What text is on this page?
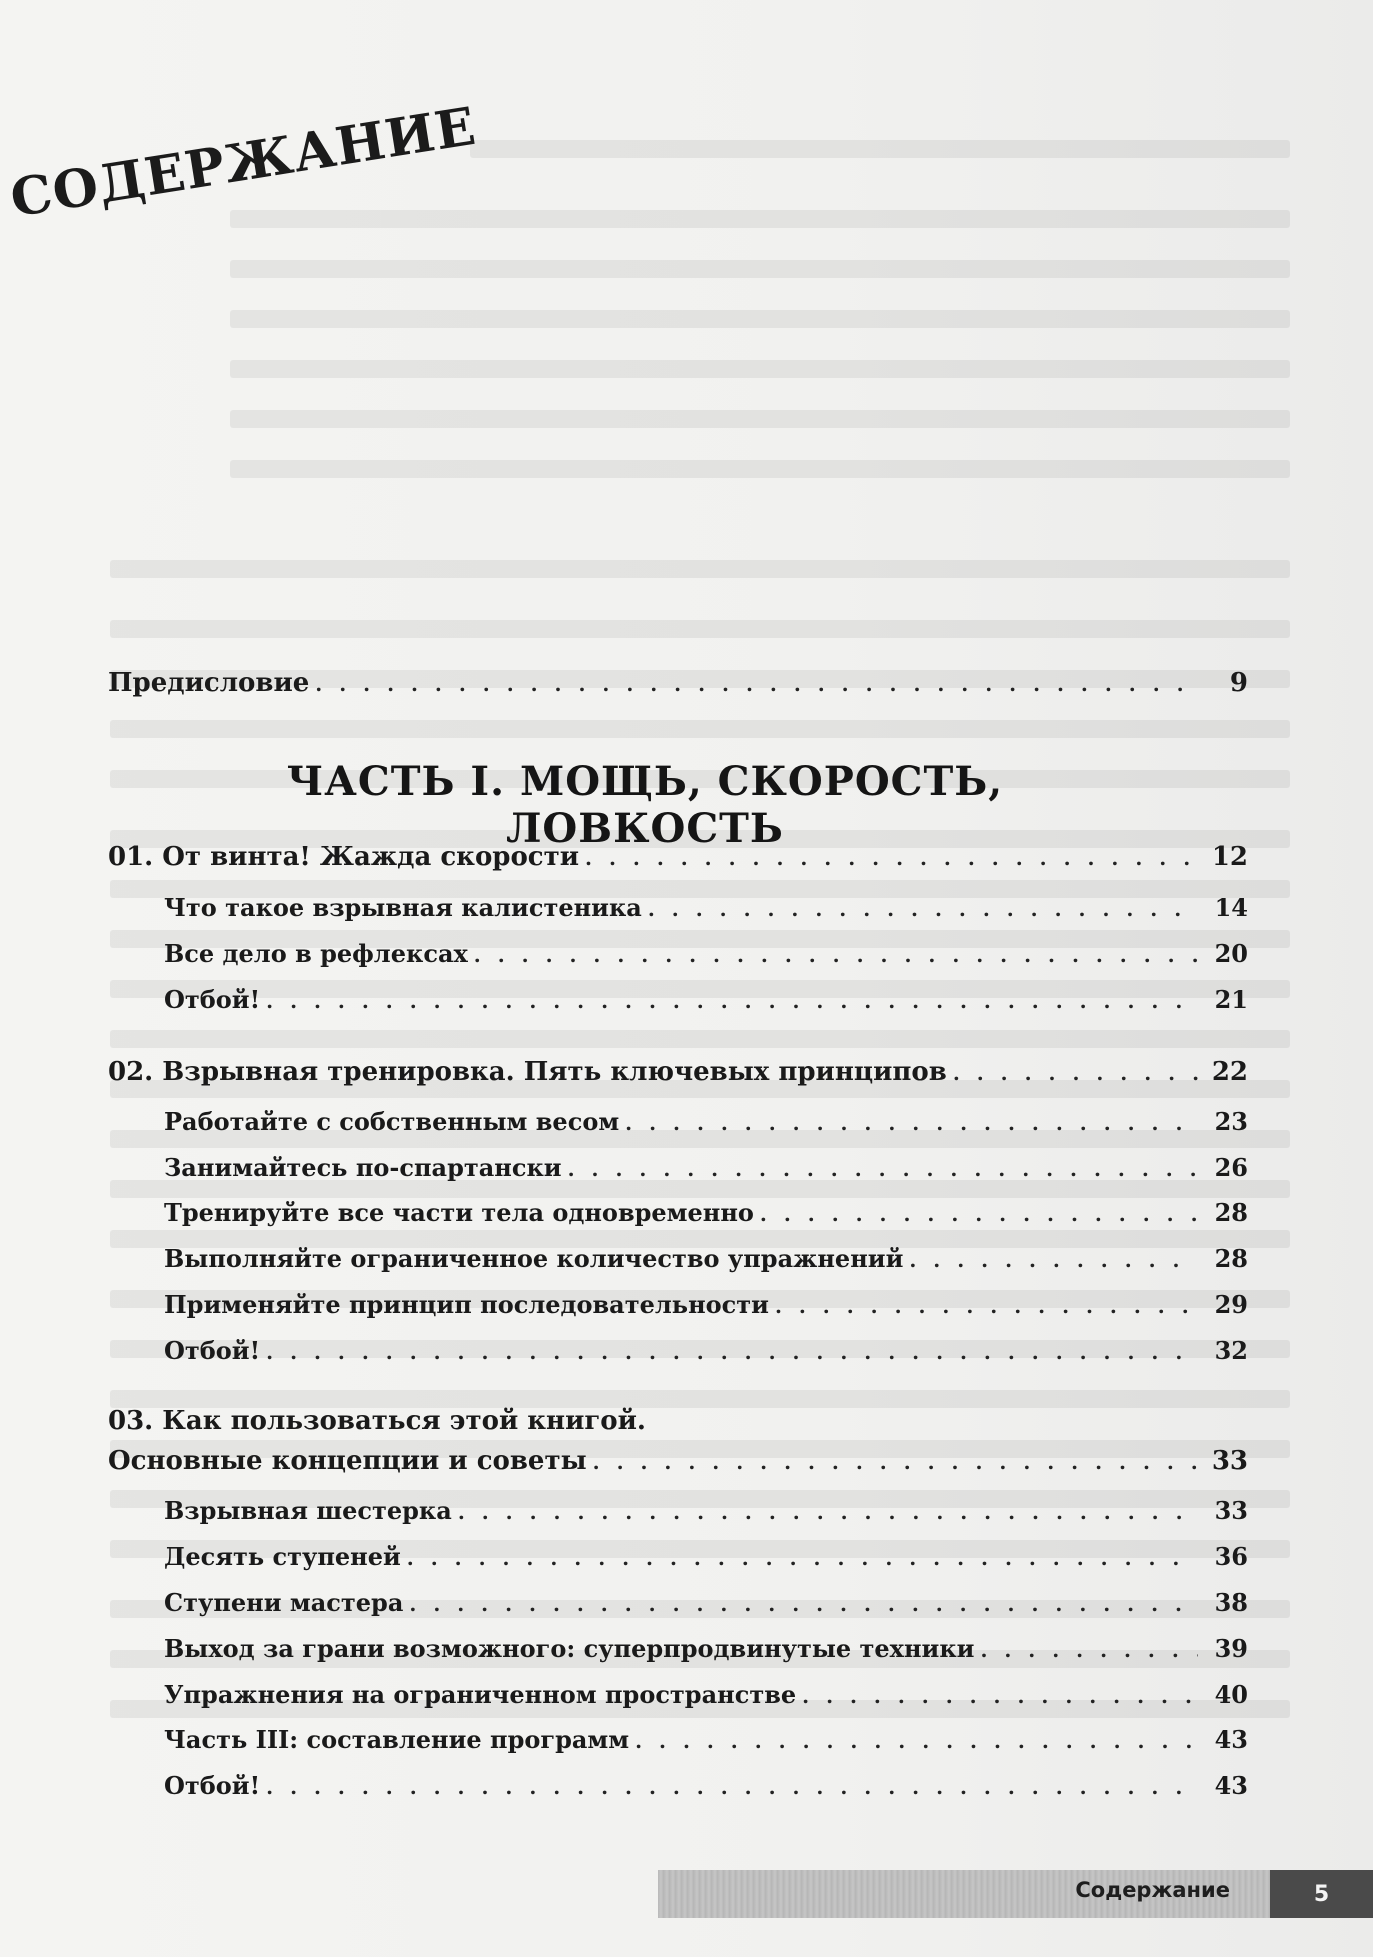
СОДЕРЖАНИЕ
Предисловие . . .	9
ЧАСТЬ I. МОЩЬ, СКОРОСТЬ, ЛОВКОСТЬ
01. От винта! Жажда скорости . . .	12
Что такое взрывная калистеника . . .	14
Все дело в рефлексах . . .	20
Отбой! . . .	21
02. Взрывная тренировка. Пять ключевых принципов . . .	22
Работайте с собственным весом . . .	23
Занимайтесь по-спартански . . .	26
Тренируйте все части тела одновременно . . .	28
Выполняйте ограниченное количество упражнений . . .	28
Применяйте принцип последовательности . . .	29
Отбой! . . .	32
03. Как пользоваться этой книгой.
Основные концепции и советы . . .	33
Взрывная шестерка . . .	33
Десять ступеней . . .	36
Ступени мастера . . .	38
Выход за грани возможного: суперпродвинутые техники . . .	39
Упражнения на ограниченном пространстве . . .	40
Часть III: составление программ . . .	43
Отбой! . . .	43
Содержание	5
